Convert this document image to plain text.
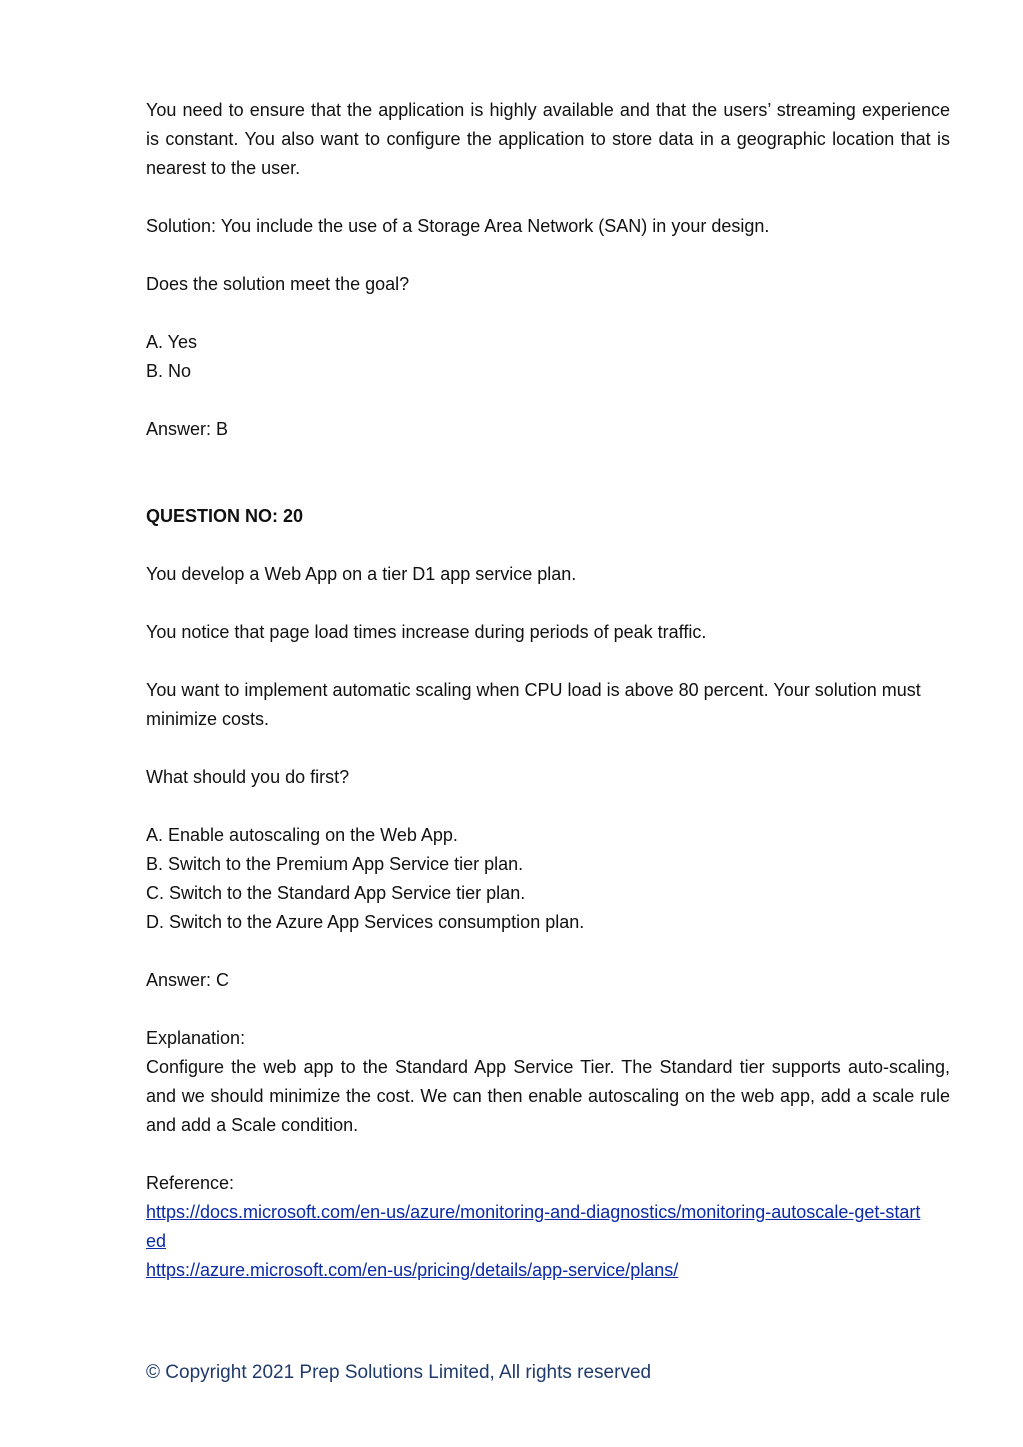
You need to ensure that the application is highly available and that the users’ streaming experience is constant. You also want to configure the application to store data in a geographic location that is nearest to the user.

Solution: You include the use of a Storage Area Network (SAN) in your design.

Does the solution meet the goal?

A. Yes

B. No

Answer: B

QUESTION NO: 20

You develop a Web App on a tier D1 app service plan.

You notice that page load times increase during periods of peak traffic.

You want to implement automatic scaling when CPU load is above 80 percent. Your solution must minimize costs.

What should you do first?

A. Enable autoscaling on the Web App.

B. Switch to the Premium App Service tier plan.

C. Switch to the Standard App Service tier plan.

D. Switch to the Azure App Services consumption plan.

Answer: C

Explanation:

Configure the web app to the Standard App Service Tier. The Standard tier supports auto-scaling, and we should minimize the cost. We can then enable autoscaling on the web app, add a scale rule and add a Scale condition.

Reference:

https://docs.microsoft.com/en-us/azure/monitoring-and-diagnostics/monitoring-autoscale-get-started
https://azure.microsoft.com/en-us/pricing/details/app-service/plans/
© Copyright 2021 Prep Solutions Limited, All rights reserved
